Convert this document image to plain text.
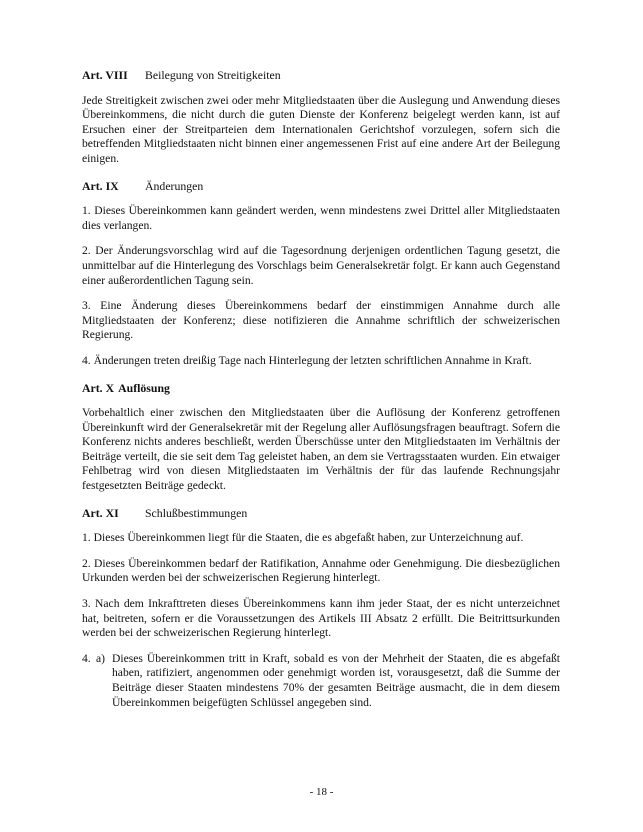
Art. VIII Beilegung von Streitigkeiten

Jede Streitigkeit zwischen zwei oder mehr Mitgliedstaaten über die Auslegung und Anwendung dieses Übereinkommens, die nicht durch die guten Dienste der Konferenz beigelegt werden kann, ist auf Ersuchen einer der Streitparteien dem Internationalen Gerichtshof vorzulegen, sofern sich die betreffenden Mitgliedstaaten nicht binnen einer angemessenen Frist auf eine andere Art der Beilegung einigen.

Art. IX Änderungen

1. Dieses Übereinkommen kann geändert werden, wenn mindestens zwei Drittel aller Mitgliedstaaten dies verlangen.

2. Der Änderungsvorschlag wird auf die Tagesordnung derjenigen ordentlichen Tagung gesetzt, die unmittelbar auf die Hinterlegung des Vorschlags beim Generalsekretär folgt. Er kann auch Gegenstand einer außerordentlichen Tagung sein.

3. Eine Änderung dieses Übereinkommens bedarf der einstimmigen Annahme durch alle Mitgliedstaaten der Konferenz; diese notifizieren die Annahme schriftlich der schweizerischen Regierung.

4. Änderungen treten dreißig Tage nach Hinterlegung der letzten schriftlichen Annahme in Kraft.

Art. X Auflösung

Vorbehaltlich einer zwischen den Mitgliedstaaten über die Auflösung der Konferenz getroffenen Übereinkunft wird der Generalsekretär mit der Regelung aller Auflösungsfragen beauftragt. Sofern die Konferenz nichts anderes beschließt, werden Überschüsse unter den Mitgliedstaaten im Verhältnis der Beiträge verteilt, die sie seit dem Tag geleistet haben, an dem sie Vertragsstaaten wurden. Ein etwaiger Fehlbetrag wird von diesen Mitgliedstaaten im Verhältnis der für das laufende Rechnungsjahr festgesetzten Beiträge gedeckt.

Art. XI Schlußbestimmungen

1. Dieses Übereinkommen liegt für die Staaten, die es abgefaßt haben, zur Unterzeichnung auf.

2. Dieses Übereinkommen bedarf der Ratifikation, Annahme oder Genehmigung. Die diesbezüglichen Urkunden werden bei der schweizerischen Regierung hinterlegt.

3. Nach dem Inkrafttreten dieses Übereinkommens kann ihm jeder Staat, der es nicht unterzeichnet hat, beitreten, sofern er die Voraussetzungen des Artikels III Absatz 2 erfüllt. Die Beitrittsurkunden werden bei der schweizerischen Regierung hinterlegt.

4. a) Dieses Übereinkommen tritt in Kraft, sobald es von der Mehrheit der Staaten, die es abgefaßt haben, ratifiziert, angenommen oder genehmigt worden ist, vorausgesetzt, daß die Summe der Beiträge dieser Staaten mindestens 70% der gesamten Beiträge ausmacht, die in dem diesem Übereinkommen beigefügten Schlüssel angegeben sind.
- 18 -
